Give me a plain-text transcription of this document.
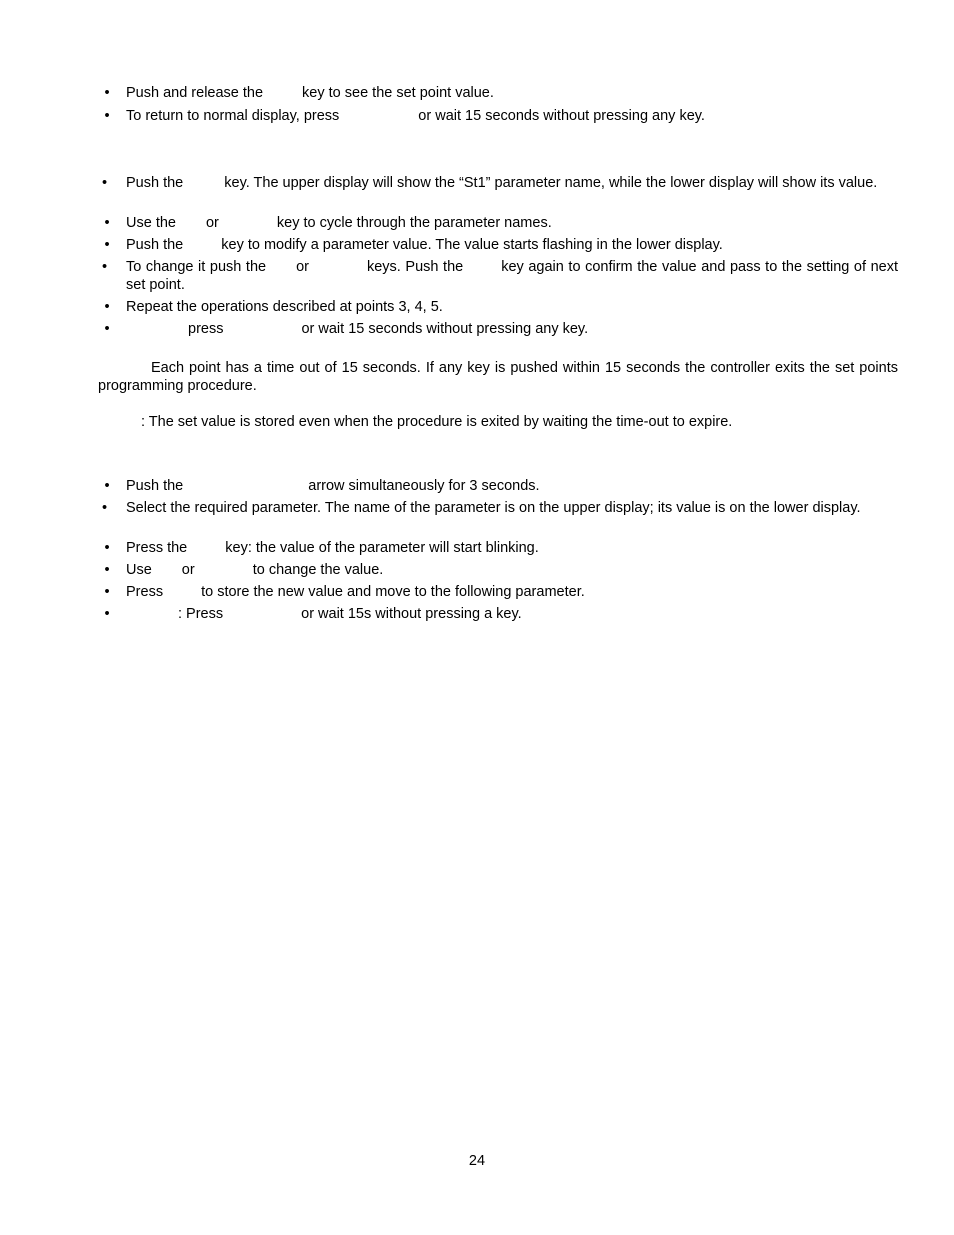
• Push and release the	key to see the set point value.
• To return to normal display, press	or wait 15 seconds without pressing any key.
•	Push the	key. The upper display will show the “St1” parameter name, while the lower display will show its value.
• Use the or	key to cycle through the parameter names.
• Push the	key to modify a parameter value. The value starts flashing in the lower display.
•	To change it push the or	keys. Push the	key again to confirm the value and pass to the setting of next set point.
• Repeat the operations described at points 3, 4, 5.
•	press	or wait 15 seconds without pressing any key.
Each point has a time out of 15 seconds. If any key is pushed within 15 seconds the controller exits the set points programming procedure.
: The set value is stored even when the procedure is exited by waiting the time-out to expire.
• Push the	arrow simultaneously for 3 seconds.
•	Select the required parameter. The name of the parameter is on the upper display; its value is on the lower display.
• Press the	key: the value of the parameter will start blinking.
• Use or	to change the value.
• Press	to store the new value and move to the following parameter.
•	: Press	or wait 15s without pressing a key.
24
